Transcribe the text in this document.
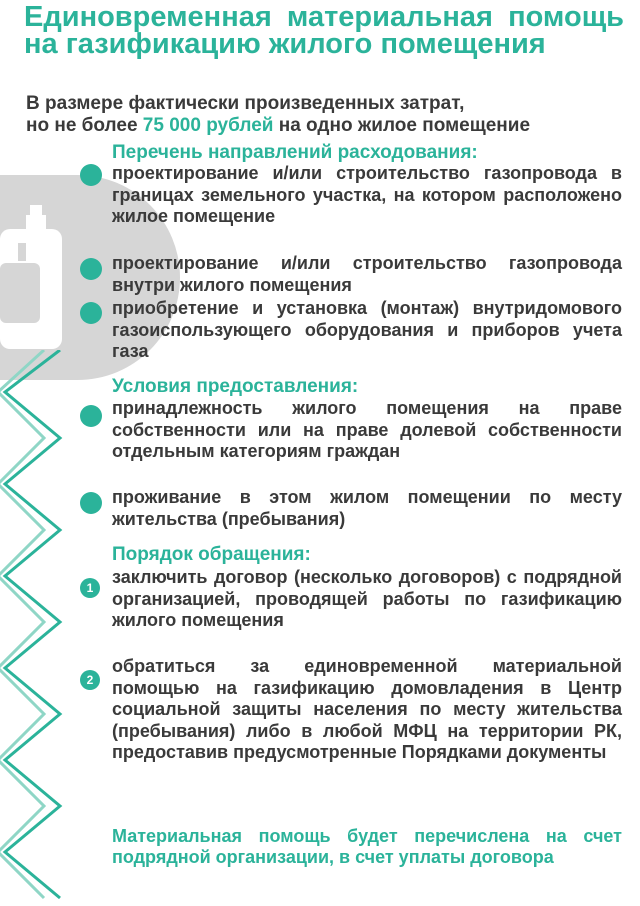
Единовременная материальная помощь на газификацию жилого помещения
В размере фактически произведенных затрат,
но не более 75 000 рублей на одно жилое помещение
Перечень направлений расходования:
проектирование и/или строительство газопровода в границах земельного участка, на котором расположено жилое помещение
проектирование и/или строительство газопровода внутри жилого помещения
приобретение и установка (монтаж) внутридомового газоиспользующего оборудования и приборов учета газа
Условия предоставления:
принадлежность жилого помещения на праве собственности или на праве долевой собственности отдельным категориям граждан
проживание в этом жилом помещении по месту жительства (пребывания)
Порядок обращения:
1
заключить договор (несколько договоров) с подрядной организацией, проводящей работы по газификацию жилого помещения
2
обратиться за единовременной материальной помощью на газификацию домовладения в Центр социальной защиты населения по месту жительства (пребывания) либо в любой МФЦ на территории РК, предоставив предусмотренные Порядками документы
Материальная помощь будет перечислена на счет подрядной организации, в счет уплаты договора
